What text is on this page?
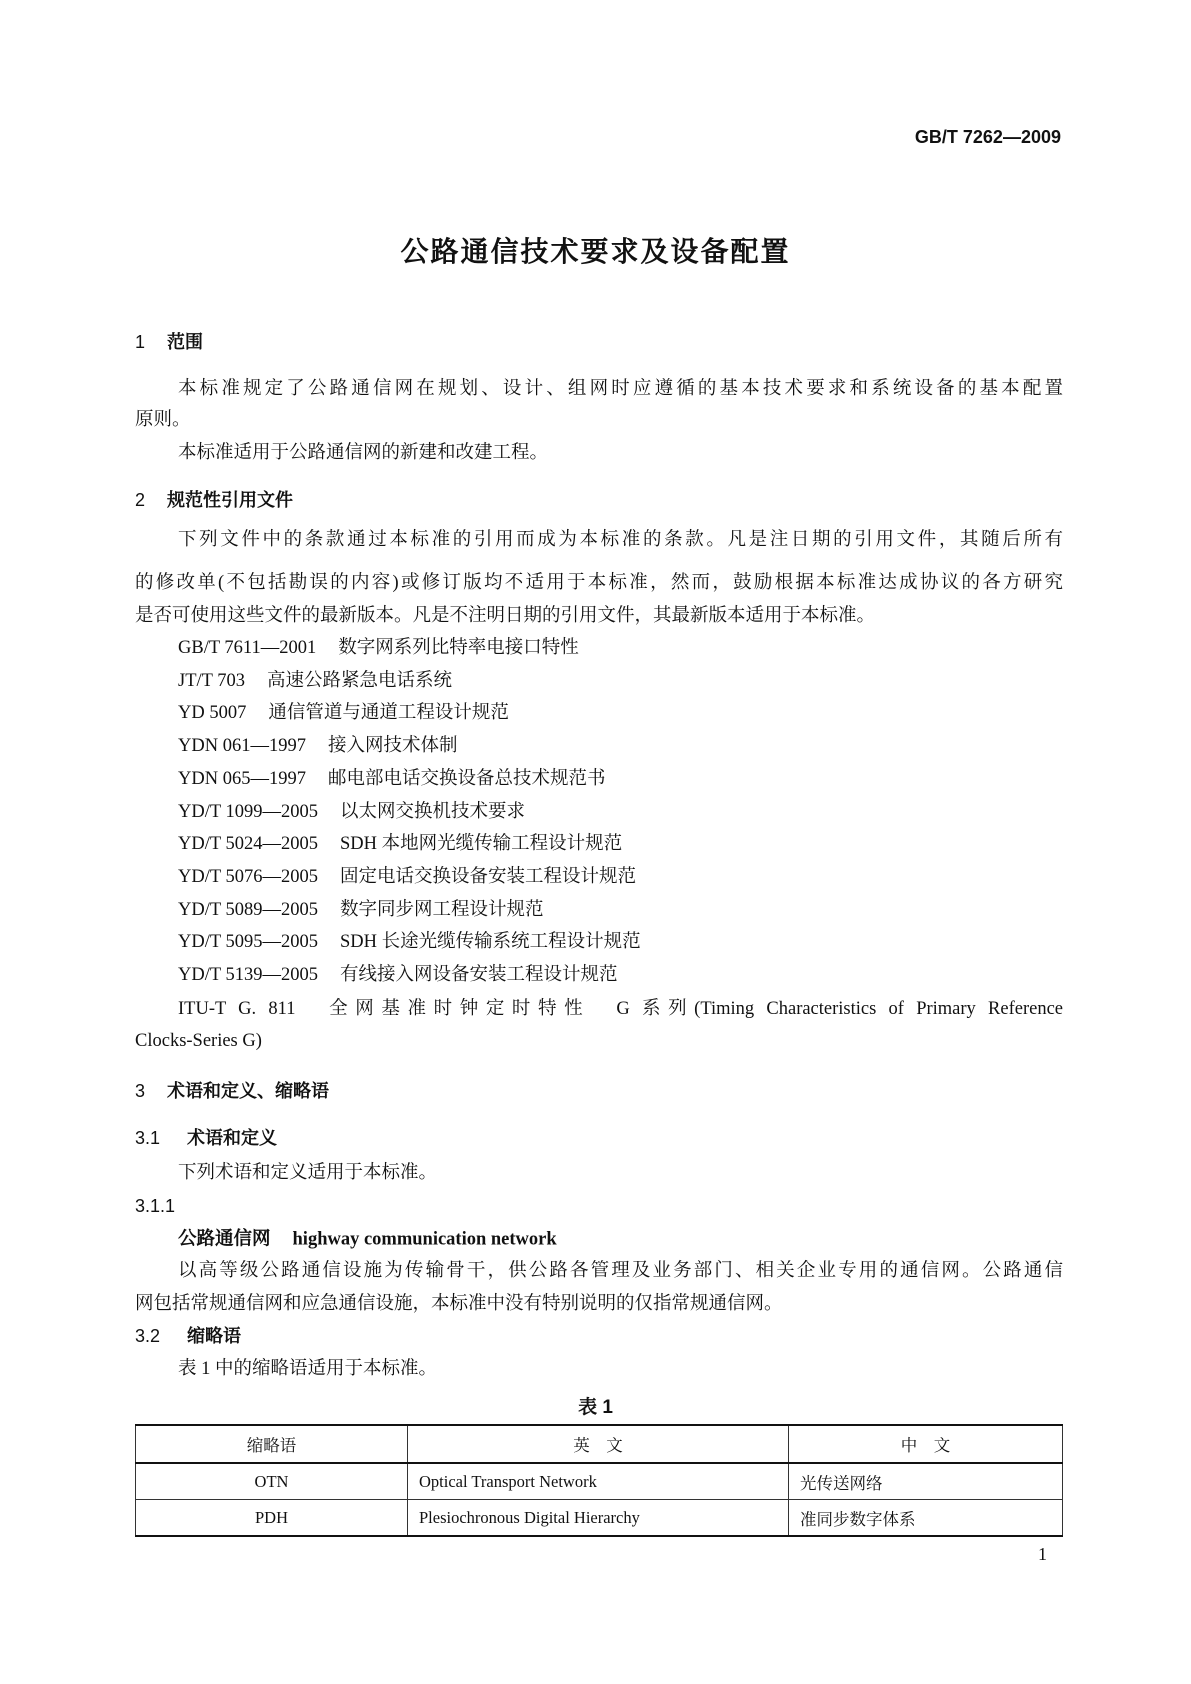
GB/T 7262—2009
公路通信技术要求及设备配置
1 范围
本标准规定了公路通信网在规划、设计、组网时应遵循的基本技术要求和系统设备的基本配置
原则。
本标准适用于公路通信网的新建和改建工程。
2 规范性引用文件
下列文件中的条款通过本标准的引用而成为本标准的条款。凡是注日期的引用文件，其随后所有
的修改单(不包括勘误的内容)或修订版均不适用于本标准，然而，鼓励根据本标准达成协议的各方研究
是否可使用这些文件的最新版本。凡是不注明日期的引用文件，其最新版本适用于本标准。
GB/T 7611—2001 数字网系列比特率电接口特性
JT/T 703 高速公路紧急电话系统
YD 5007 通信管道与通道工程设计规范
YDN 061—1997 接入网技术体制
YDN 065—1997 邮电部电话交换设备总技术规范书
YD/T 1099—2005 以太网交换机技术要求
YD/T 5024—2005 SDH 本地网光缆传输工程设计规范
YD/T 5076—2005 固定电话交换设备安装工程设计规范
YD/T 5089—2005 数字同步网工程设计规范
YD/T 5095—2005 SDH 长途光缆传输系统工程设计规范
YD/T 5139—2005 有线接入网设备安装工程设计规范
ITU-T G. 811　全网基准时钟定时特性　G 系列(Timing Characteristics of Primary Reference
Clocks-Series G)
3 术语和定义、缩略语
3.1 术语和定义
下列术语和定义适用于本标准。
3.1.1
公路通信网 highway communication network
以高等级公路通信设施为传输骨干，供公路各管理及业务部门、相关企业专用的通信网。公路通信
网包括常规通信网和应急通信设施，本标准中没有特别说明的仅指常规通信网。
3.2 缩略语
表 1 中的缩略语适用于本标准。
表 1
缩略语	英　文	中　文
OTN	Optical Transport Network	光传送网络
PDH	Plesiochronous Digital Hierarchy	准同步数字体系
1
